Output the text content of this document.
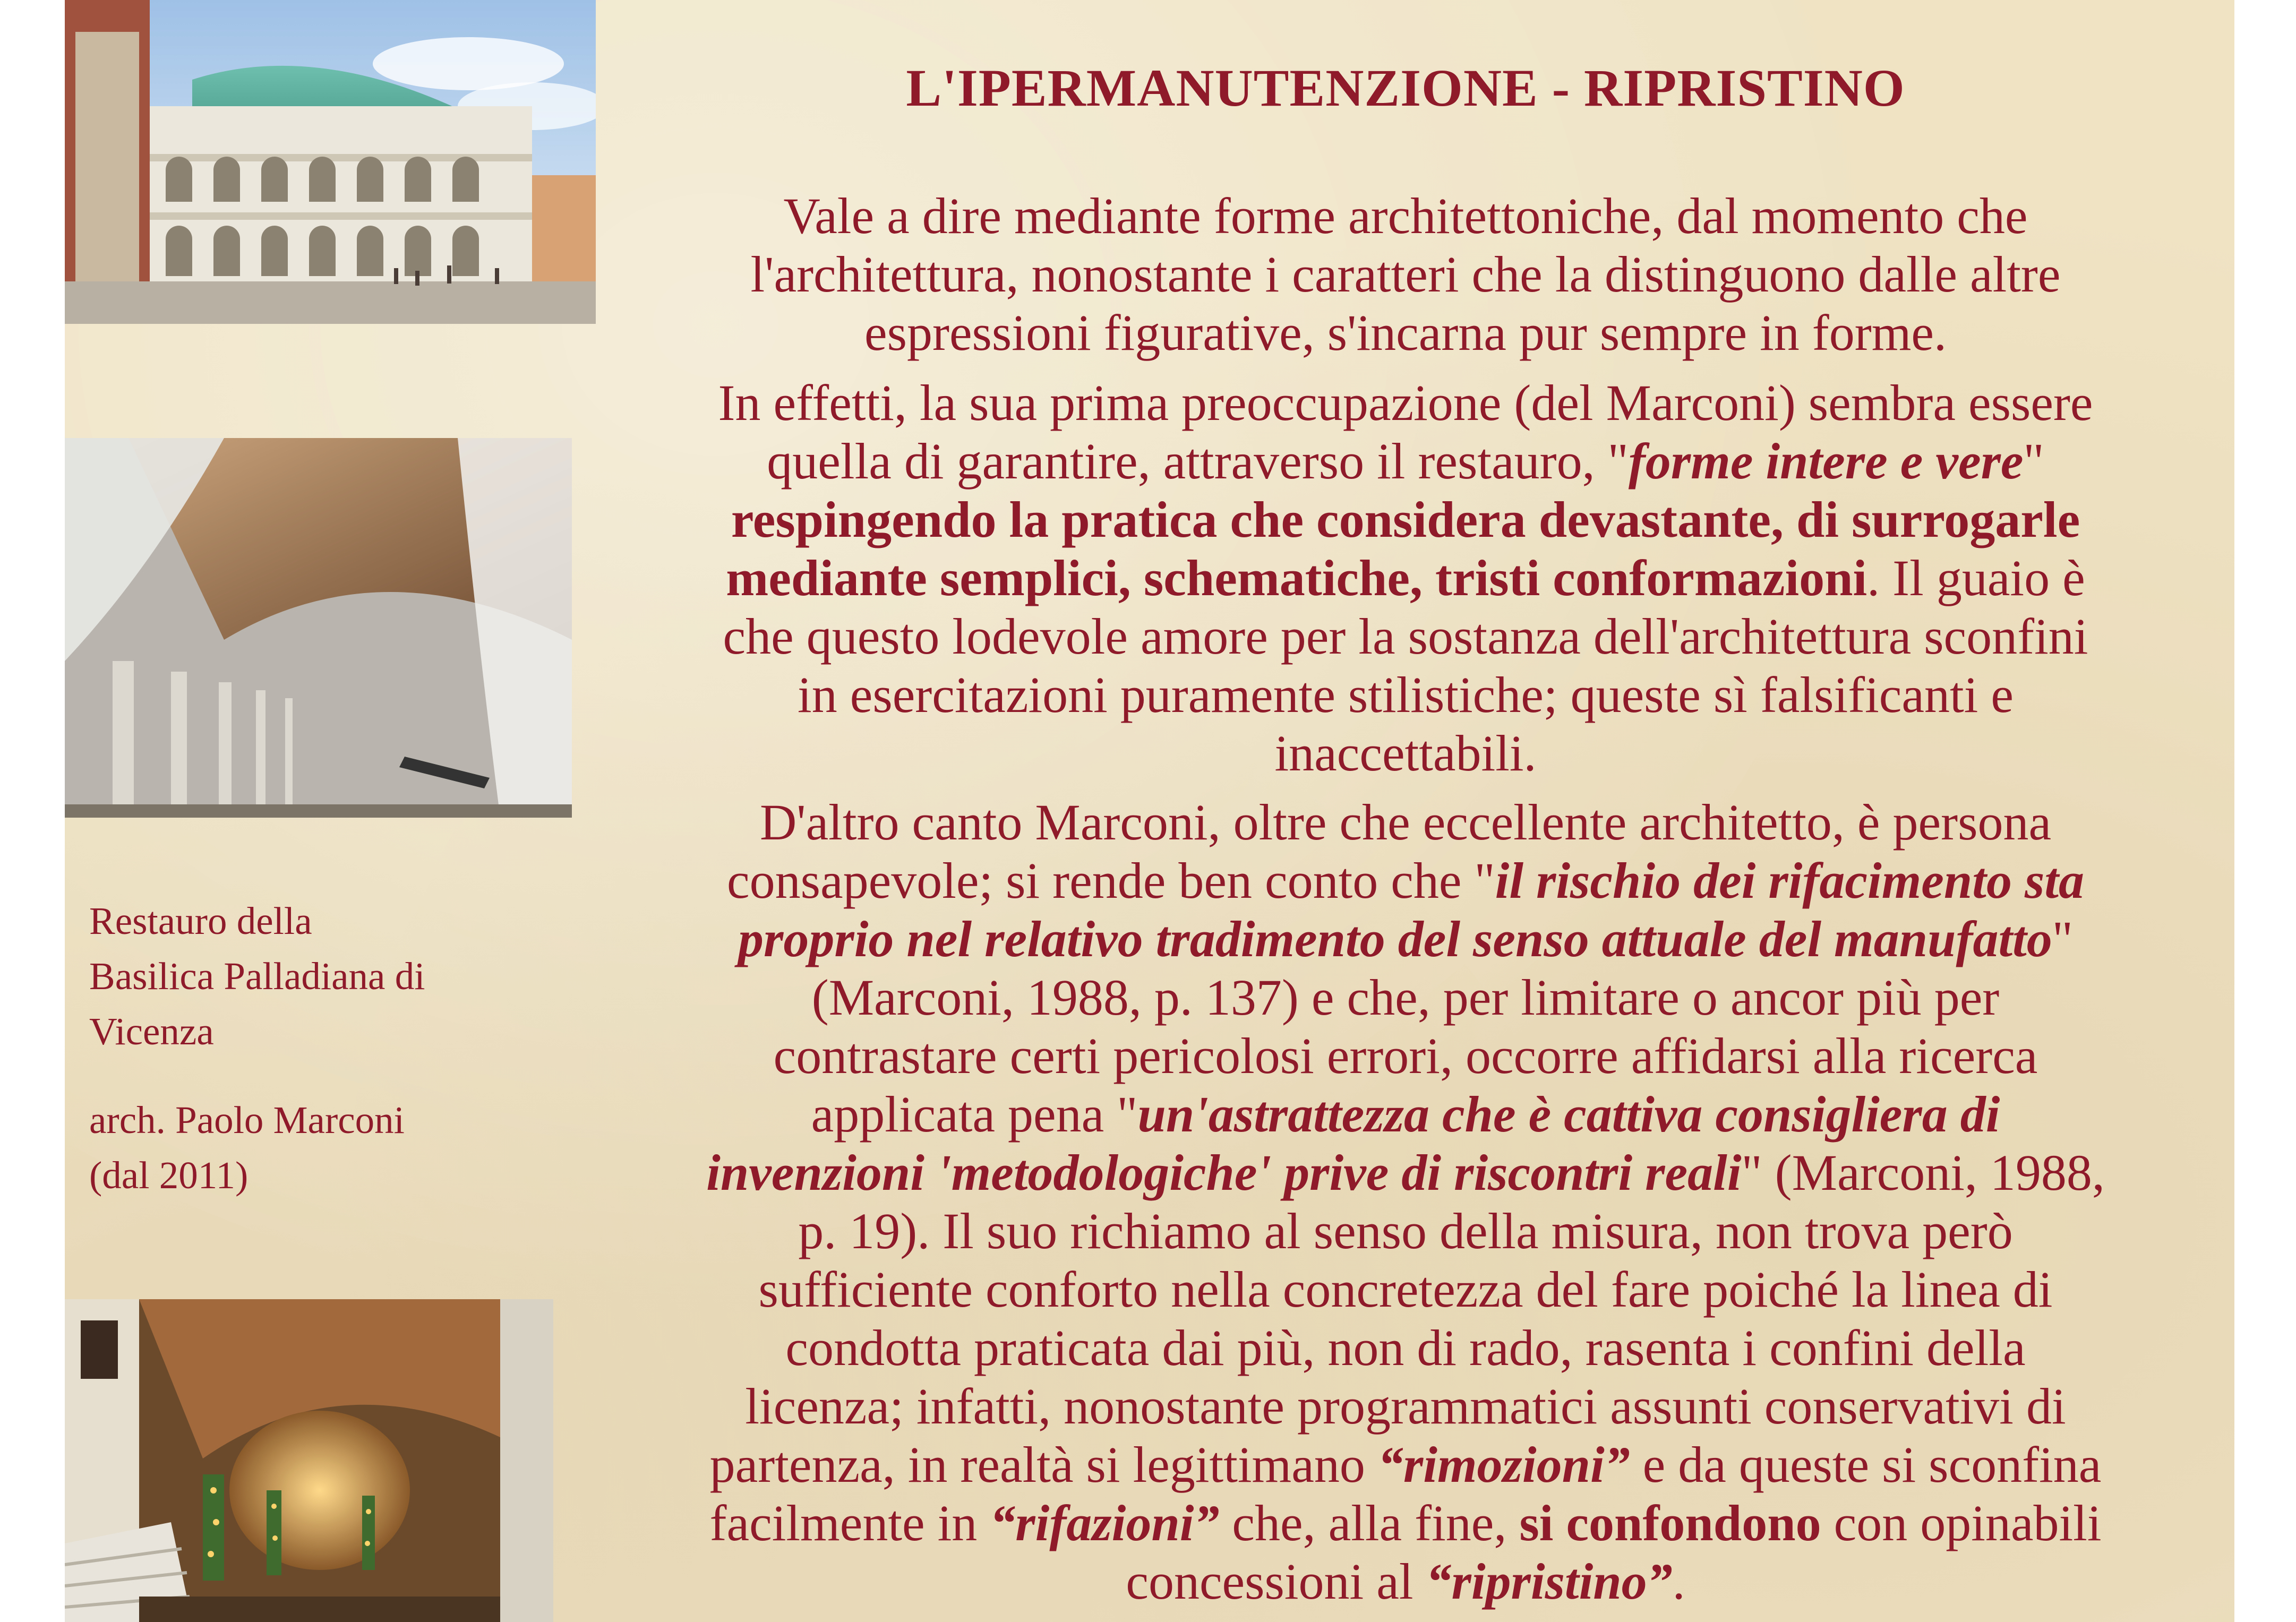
Restauro della
Basilica Palladiana di
Vicenza
arch. Paolo Marconi
(dal 2011)
L'IPERMANUTENZIONE - RIPRISTINO
Vale a dire mediante forme architettoniche, dal momento che
l'architettura, nonostante i caratteri che la distinguono dalle altre
espressioni figurative, s'incarna pur sempre in forme.
In effetti, la sua prima preoccupazione (del Marconi) sembra essere
quella di garantire, attraverso il restauro, "forme intere e vere"
respingendo la pratica che considera devastante, di surrogarle
mediante semplici, schematiche, tristi conformazioni. Il guaio è
che questo lodevole amore per la sostanza dell'architettura sconfini
in esercitazioni puramente stilistiche; queste sì falsificanti e
inaccettabili.
D'altro canto Marconi, oltre che eccellente architetto, è persona
consapevole; si rende ben conto che "il rischio dei rifacimento sta
proprio nel relativo tradimento del senso attuale del manufatto"
(Marconi, 1988, p. 137) e che, per limitare o ancor più per
contrastare certi pericolosi errori, occorre affidarsi alla ricerca
applicata pena "un'astrattezza che è cattiva consigliera di
invenzioni 'metodologiche' prive di riscontri reali" (Marconi, 1988,
p. 19). Il suo richiamo al senso della misura, non trova però
sufficiente conforto nella concretezza del fare poiché la linea di
condotta praticata dai più, non di rado, rasenta i confini della
licenza; infatti, nonostante programmatici assunti conservativi di
partenza, in realtà si legittimano “rimozioni” e da queste si sconfina
facilmente in “rifazioni” che, alla fine, si confondono con opinabili
concessioni al “ripristino”.
